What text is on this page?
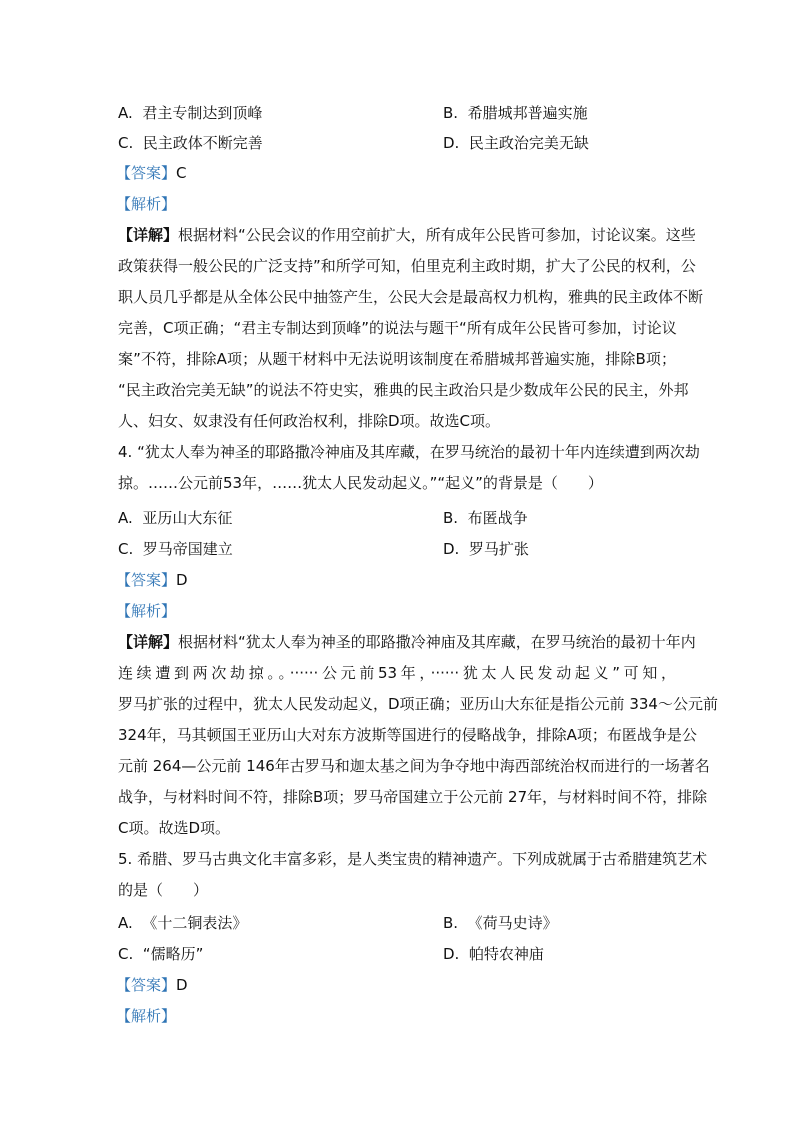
A. 君主专制达到顶峰	B. 希腊城邦普遍实施
C. 民主政体不断完善	D. 民主政治完美无缺
【答案】C
【解析】
【详解】根据材料“公民会议的作用空前扩大，所有成年公民皆可参加，讨论议案。这些
政策获得一般公民的广泛支持”和所学可知，伯里克利主政时期，扩大了公民的权利，公
职人员几乎都是从全体公民中抽签产生，公民大会是最高权力机构，雅典的民主政体不断
完善，C项正确；“君主专制达到顶峰”的说法与题干“所有成年公民皆可参加，讨论议
案”不符，排除A项；从题干材料中无法说明该制度在希腊城邦普遍实施，排除B项；
“民主政治完美无缺”的说法不符史实，雅典的民主政治只是少数成年公民的民主，外邦
人、妇女、奴隶没有任何政治权利，排除D项。故选C项。
4. “犹太人奉为神圣的耶路撒冷神庙及其库藏，在罗马统治的最初十年内连续遭到两次劫
掠。……公元前53年，……犹太人民发动起义。”“起义”的背景是（　　）
A. 亚历山大东征	B. 布匿战争
C. 罗马帝国建立	D. 罗马扩张
【答案】D
【解析】
【详解】根据材料“犹太人奉为神圣的耶路撒冷神庙及其库藏，在罗马统治的最初十年内
连续遭到两次劫掠。。······公元前53年，······犹太人民发动起义”可知，
罗马扩张的过程中，犹太人民发动起义，D项正确；亚历山大东征是指公元前 334～公元前
324年，马其顿国王亚历山大对东方波斯等国进行的侵略战争，排除A项；布匿战争是公
元前 264—公元前 146年古罗马和迦太基之间为争夺地中海西部统治权而进行的一场著名
战争，与材料时间不符，排除B项；罗马帝国建立于公元前 27年，与材料时间不符，排除
C项。故选D项。
5. 希腊、罗马古典文化丰富多彩，是人类宝贵的精神遗产。下列成就属于古希腊建筑艺术
的是（　　）
A. 《十二铜表法》	B. 《荷马史诗》
C. “儒略历”	D. 帕特农神庙
【答案】D
【解析】
